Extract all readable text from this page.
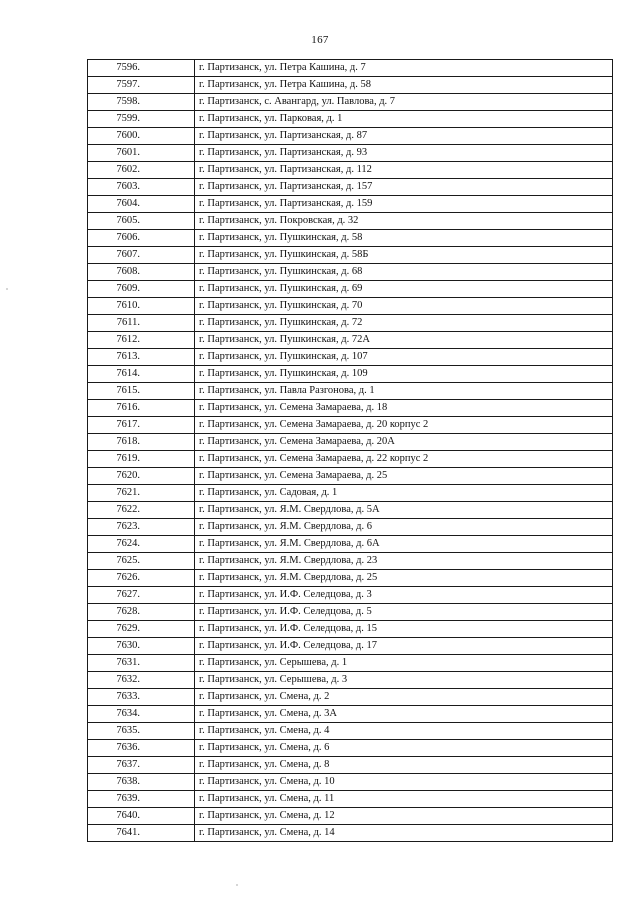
167
7596.	г. Партизанск, ул. Петра Кашина, д. 7
7597.	г. Партизанск, ул. Петра Кашина, д. 58
7598.	г. Партизанск, с. Авангард, ул. Павлова, д. 7
7599.	г. Партизанск, ул. Парковая, д. 1
7600.	г. Партизанск, ул. Партизанская, д. 87
7601.	г. Партизанск, ул. Партизанская, д. 93
7602.	г. Партизанск, ул. Партизанская, д. 112
7603.	г. Партизанск, ул. Партизанская, д. 157
7604.	г. Партизанск, ул. Партизанская, д. 159
7605.	г. Партизанск, ул. Покровская, д. 32
7606.	г. Партизанск, ул. Пушкинская, д. 58
7607.	г. Партизанск, ул. Пушкинская, д. 58Б
7608.	г. Партизанск, ул. Пушкинская, д. 68
7609.	г. Партизанск, ул. Пушкинская, д. 69
7610.	г. Партизанск, ул. Пушкинская, д. 70
7611.	г. Партизанск, ул. Пушкинская, д. 72
7612.	г. Партизанск, ул. Пушкинская, д. 72А
7613.	г. Партизанск, ул. Пушкинская, д. 107
7614.	г. Партизанск, ул. Пушкинская, д. 109
7615.	г. Партизанск, ул. Павла Разгонова, д. 1
7616.	г. Партизанск, ул. Семена Замараева, д. 18
7617.	г. Партизанск, ул. Семена Замараева, д. 20 корпус 2
7618.	г. Партизанск, ул. Семена Замараева, д. 20А
7619.	г. Партизанск, ул. Семена Замараева, д. 22 корпус 2
7620.	г. Партизанск, ул. Семена Замараева, д. 25
7621.	г. Партизанск, ул. Садовая, д. 1
7622.	г. Партизанск, ул. Я.М. Свердлова, д. 5А
7623.	г. Партизанск, ул. Я.М. Свердлова, д. 6
7624.	г. Партизанск, ул. Я.М. Свердлова, д. 6А
7625.	г. Партизанск, ул. Я.М. Свердлова, д. 23
7626.	г. Партизанск, ул. Я.М. Свердлова, д. 25
7627.	г. Партизанск, ул. И.Ф. Селедцова, д. 3
7628.	г. Партизанск, ул. И.Ф. Селедцова, д. 5
7629.	г. Партизанск, ул. И.Ф. Селедцова, д. 15
7630.	г. Партизанск, ул. И.Ф. Селедцова, д. 17
7631.	г. Партизанск, ул. Серышева, д. 1
7632.	г. Партизанск, ул. Серышева, д. 3
7633.	г. Партизанск, ул. Смена, д. 2
7634.	г. Партизанск, ул. Смена, д. 3А
7635.	г. Партизанск, ул. Смена, д. 4
7636.	г. Партизанск, ул. Смена, д. 6
7637.	г. Партизанск, ул. Смена, д. 8
7638.	г. Партизанск, ул. Смена, д. 10
7639.	г. Партизанск, ул. Смена, д. 11
7640.	г. Партизанск, ул. Смена, д. 12
7641.	г. Партизанск, ул. Смена, д. 14
